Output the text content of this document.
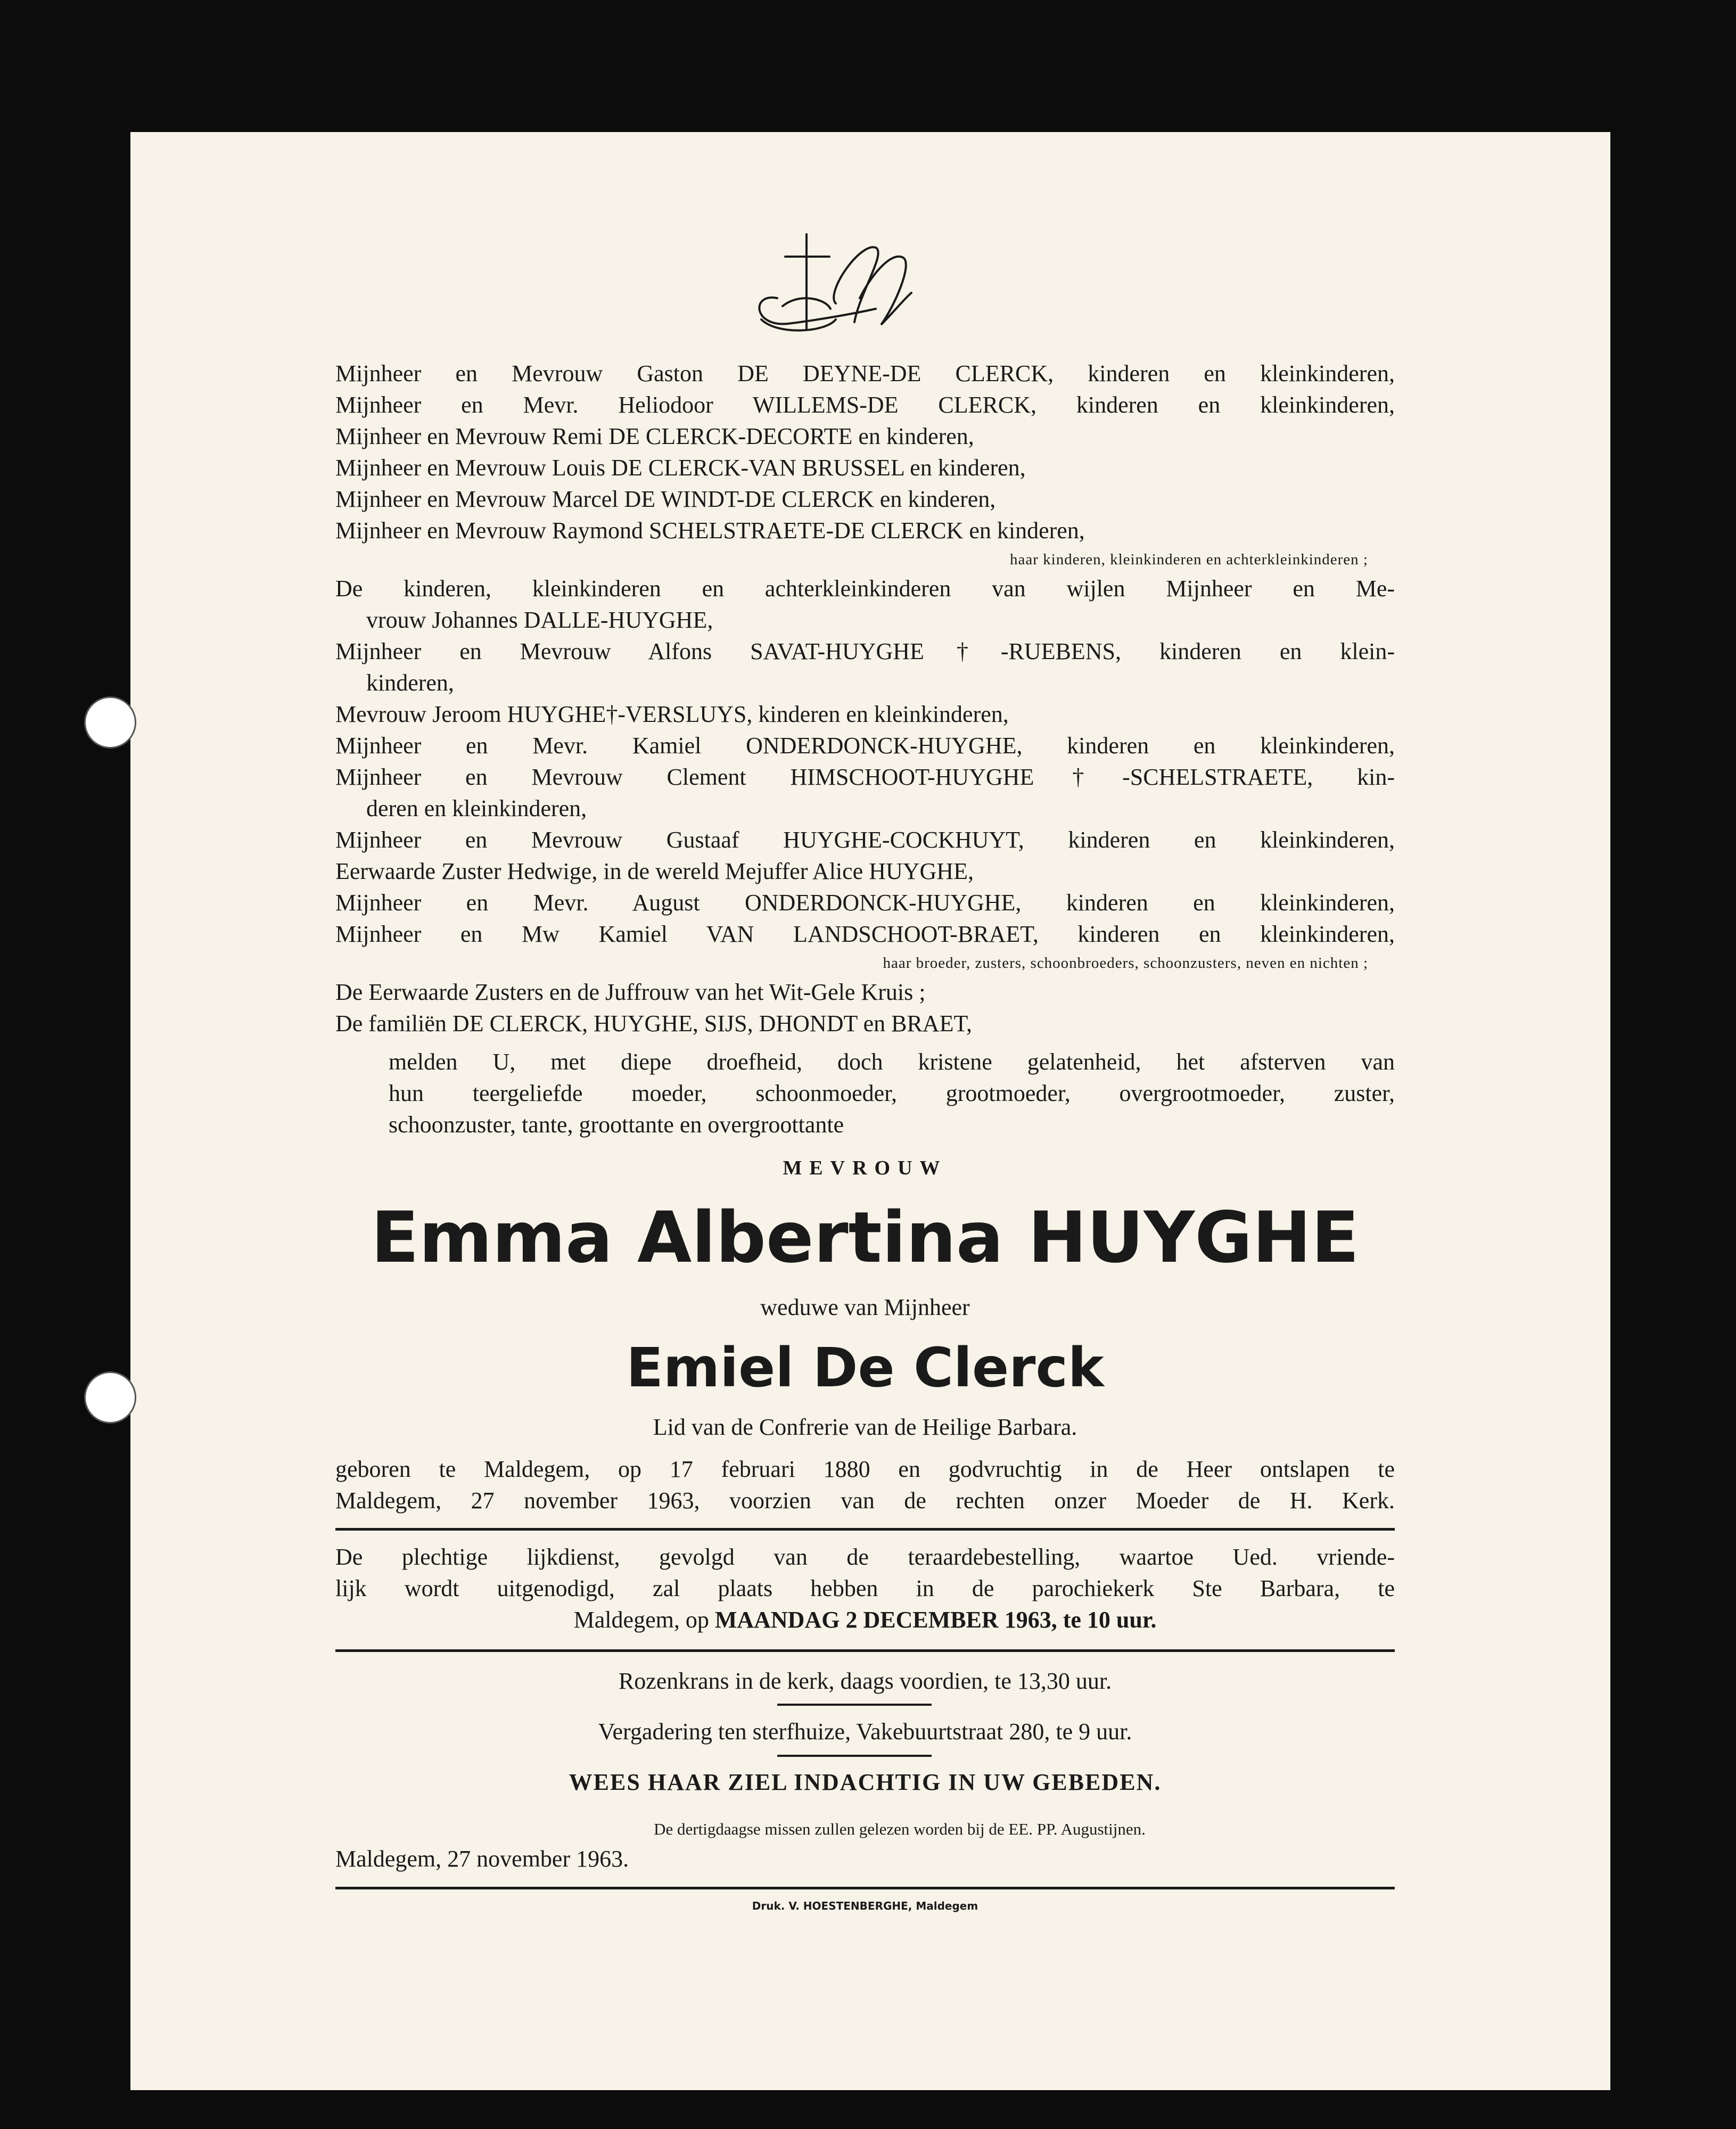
Mijnheer en Mevrouw Gaston DE DEYNE-DE CLERCK, kinderen en kleinkinderen,
Mijnheer en Mevr. Heliodoor WILLEMS-DE CLERCK, kinderen en kleinkinderen,
Mijnheer en Mevrouw Remi DE CLERCK-DECORTE en kinderen,
Mijnheer en Mevrouw Louis DE CLERCK-VAN BRUSSEL en kinderen,
Mijnheer en Mevrouw Marcel DE WINDT-DE CLERCK en kinderen,
Mijnheer en Mevrouw Raymond SCHELSTRAETE-DE CLERCK en kinderen,
haar kinderen, kleinkinderen en achterkleinkinderen ;
De kinderen, kleinkinderen en achterkleinkinderen van wijlen Mijnheer en Me-
vrouw Johannes DALLE-HUYGHE,
Mijnheer en Mevrouw Alfons SAVAT-HUYGHE†-RUEBENS, kinderen en klein-
kinderen,
Mevrouw Jeroom HUYGHE†-VERSLUYS, kinderen en kleinkinderen,
Mijnheer en Mevr. Kamiel ONDERDONCK-HUYGHE, kinderen en kleinkinderen,
Mijnheer en Mevrouw Clement HIMSCHOOT-HUYGHE†-SCHELSTRAETE, kin-
deren en kleinkinderen,
Mijnheer en Mevrouw Gustaaf HUYGHE-COCKHUYT, kinderen en kleinkinderen,
Eerwaarde Zuster Hedwige, in de wereld Mejuffer Alice HUYGHE,
Mijnheer en Mevr. August ONDERDONCK-HUYGHE, kinderen en kleinkinderen,
Mijnheer en Mw Kamiel VAN LANDSCHOOT-BRAET, kinderen en kleinkinderen,
haar broeder, zusters, schoonbroeders, schoonzusters, neven en nichten ;
De Eerwaarde Zusters en de Juffrouw van het Wit-Gele Kruis ;
De familiën DE CLERCK, HUYGHE, SIJS, DHONDT en BRAET,
melden U, met diepe droefheid, doch kristene gelatenheid, het afsterven van
hun teergeliefde moeder, schoonmoeder, grootmoeder, overgrootmoeder, zuster,
schoonzuster, tante, groottante en overgroottante
MEVROUW
Emma Albertina HUYGHE
weduwe van Mijnheer
Emiel De Clerck
Lid van de Confrerie van de Heilige Barbara.
geboren te Maldegem, op 17 februari 1880 en godvruchtig in de Heer ontslapen te
Maldegem, 27 november 1963, voorzien van de rechten onzer Moeder de H. Kerk.
De plechtige lijkdienst, gevolgd van de teraardebestelling, waartoe Ued. vriende-
lijk wordt uitgenodigd, zal plaats hebben in de parochiekerk Ste Barbara, te
Maldegem, op MAANDAG 2 DECEMBER 1963, te 10 uur.
Rozenkrans in de kerk, daags voordien, te 13,30 uur.
Vergadering ten sterfhuize, Vakebuurtstraat 280, te 9 uur.
WEES HAAR ZIEL INDACHTIG IN UW GEBEDEN.
De dertigdaagse missen zullen gelezen worden bij de EE. PP. Augustijnen.
Maldegem, 27 november 1963.
Druk. V. HOESTENBERGHE, Maldegem
